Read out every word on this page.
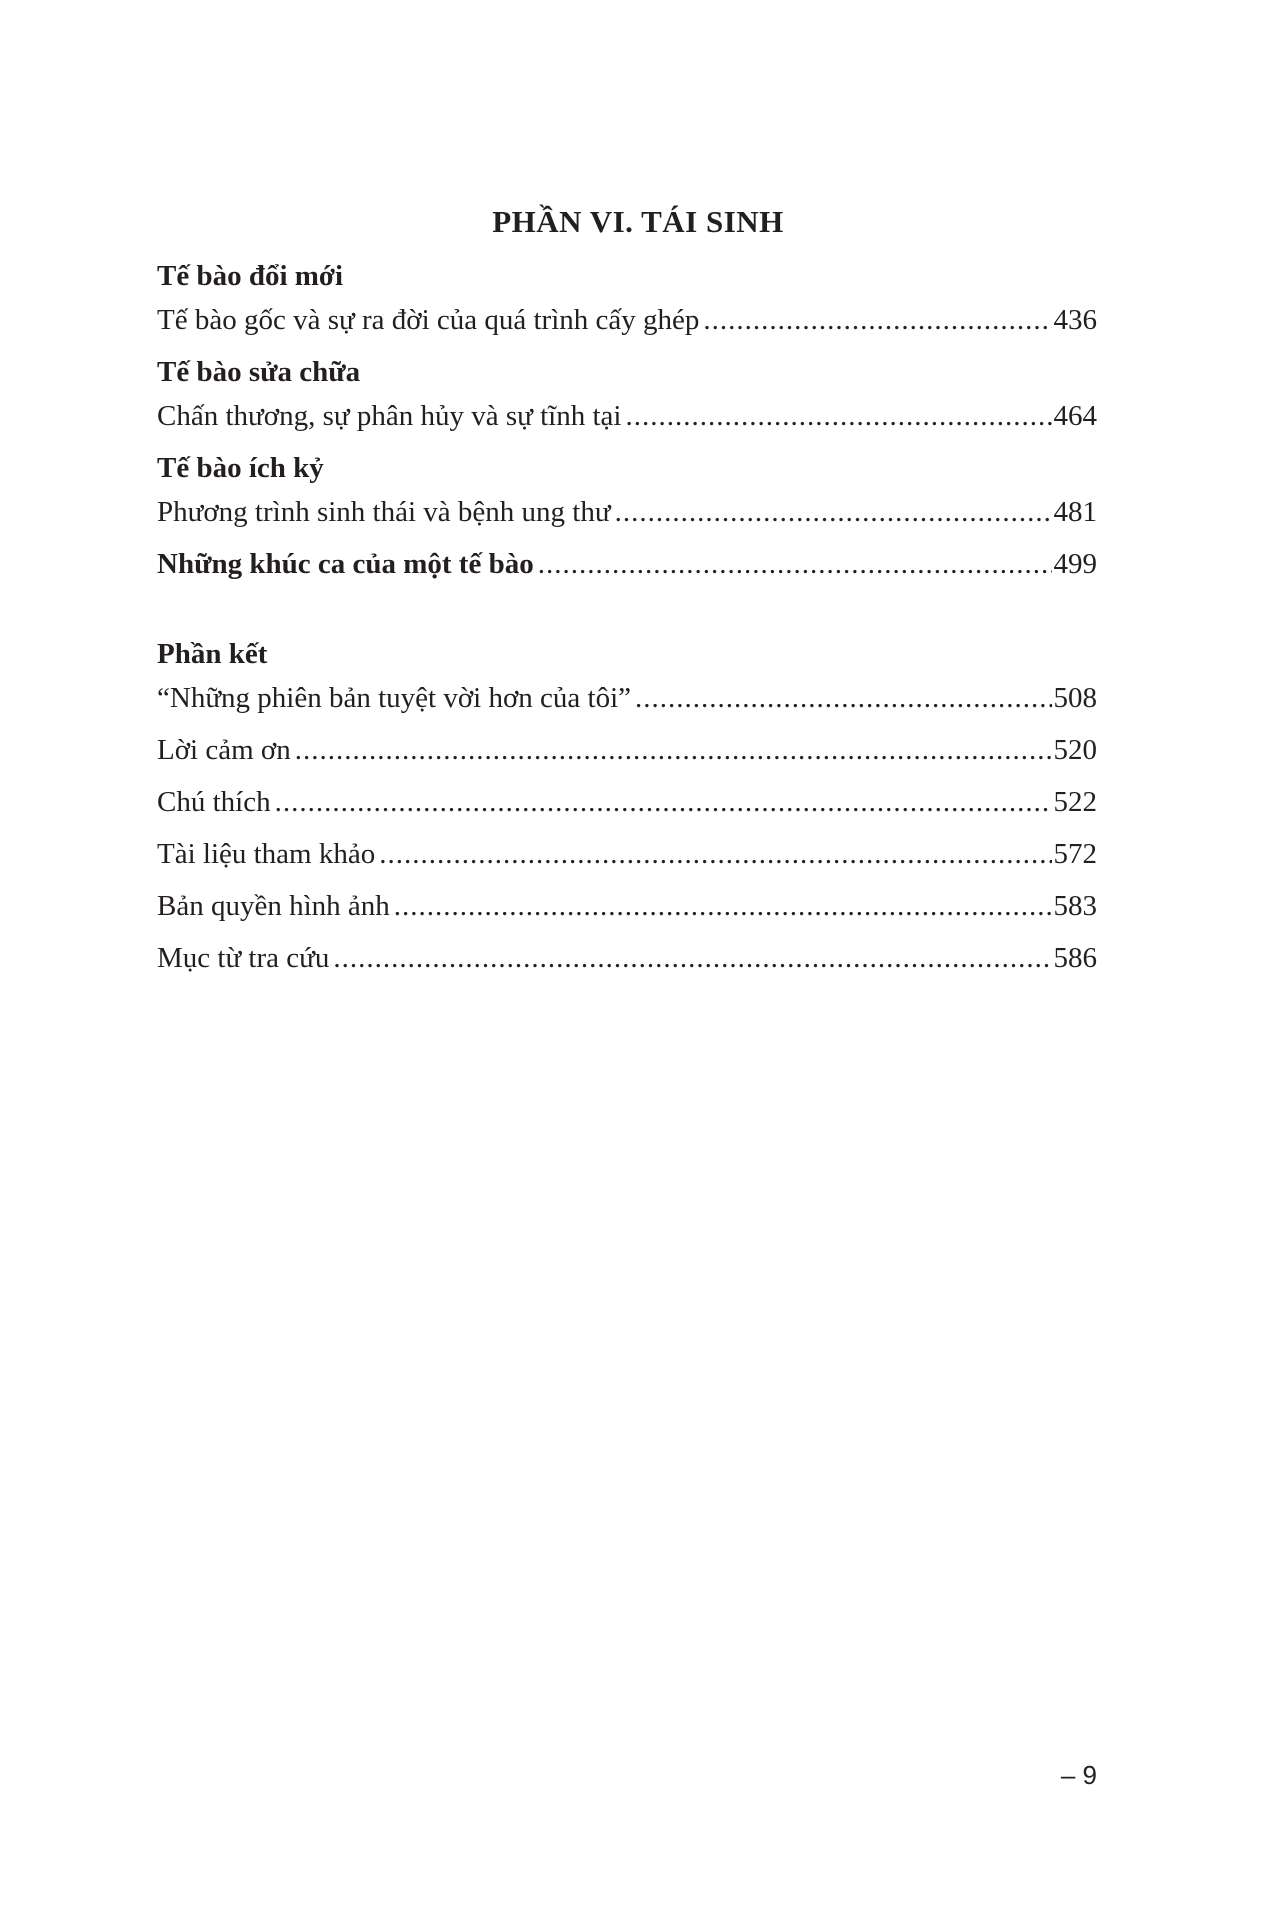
PHẦN VI. TÁI SINH
Tế bào đổi mới
Tế bào gốc và sự ra đời của quá trình cấy ghép .....	436
Tế bào sửa chữa
Chấn thương, sự phân hủy và sự tĩnh tại .....	464
Tế bào ích kỷ
Phương trình sinh thái và bệnh ung thư .....	481
Những khúc ca của một tế bào .....	499
Phần kết
“Những phiên bản tuyệt vời hơn của tôi” .....	508
Lời cảm ơn .....	520
Chú thích .....	522
Tài liệu tham khảo .....	572
Bản quyền hình ảnh .....	583
Mục từ tra cứu .....	586
– 9
